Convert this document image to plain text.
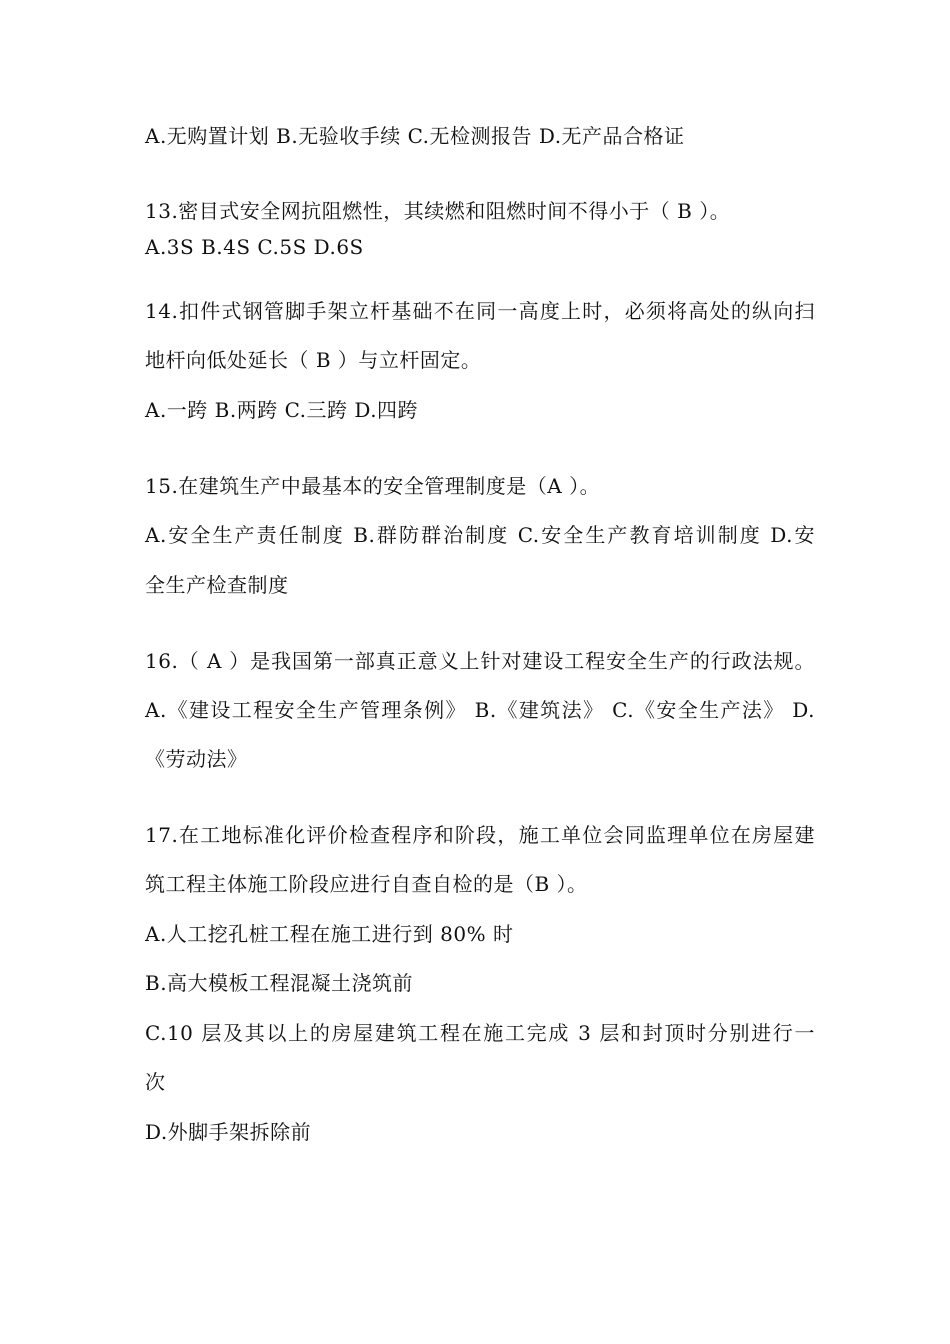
A.无购置计划 B.无验收手续 C.无检测报告 D.无产品合格证
13.密目式安全网抗阻燃性，其续燃和阻燃时间不得小于（ B ）。
A.3S B.4S C.5S D.6S
14.扣件式钢管脚手架立杆基础不在同一高度上时，必须将高处的纵向扫
地杆向低处延长（ B ）与立杆固定。
A.一跨 B.两跨 C.三跨 D.四跨
15.在建筑生产中最基本的安全管理制度是（A ）。
A.安全生产责任制度 B.群防群治制度 C.安全生产教育培训制度 D.安
全生产检查制度
16.（ A ）是我国第一部真正意义上针对建设工程安全生产的行政法规。
A.《建设工程安全生产管理条例》 B.《建筑法》 C.《安全生产法》 D.
《劳动法》
17.在工地标准化评价检查程序和阶段，施工单位会同监理单位在房屋建
筑工程主体施工阶段应进行自查自检的是（B ）。
A.人工挖孔桩工程在施工进行到 80% 时
B.高大模板工程混凝土浇筑前
C.10 层及其以上的房屋建筑工程在施工完成 3 层和封顶时分别进行一
次
D.外脚手架拆除前
